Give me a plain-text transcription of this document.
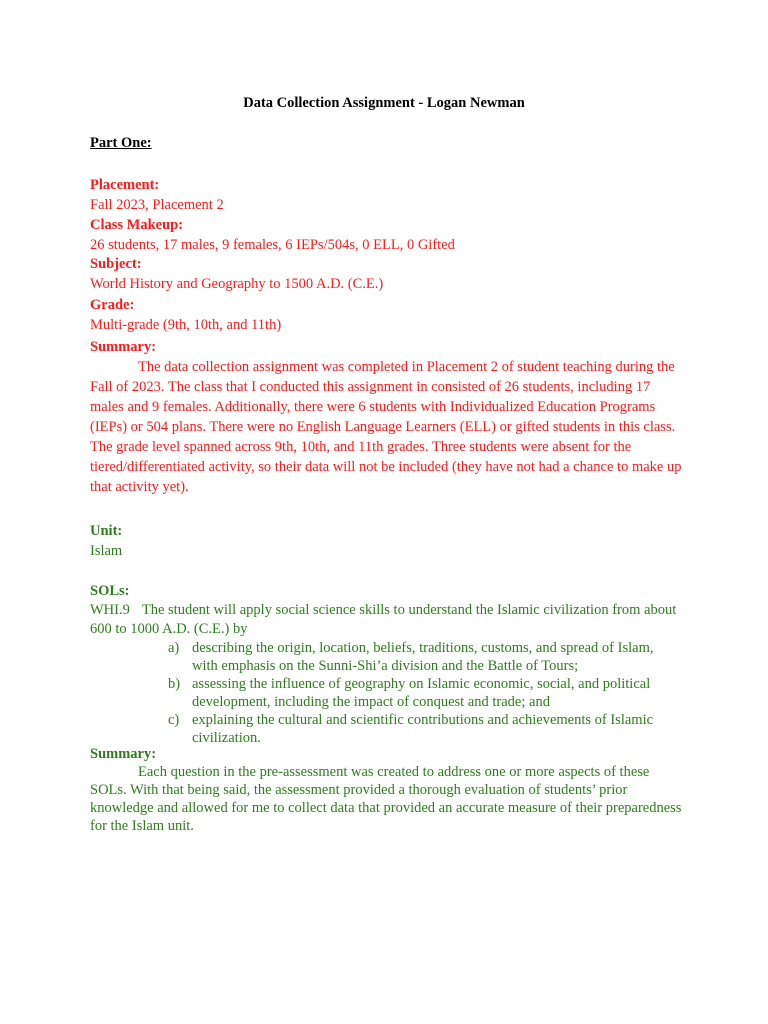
Data Collection Assignment - Logan Newman
Part One:
Placement:
Fall 2023, Placement 2
Class Makeup:
26 students, 17 males, 9 females, 6 IEPs/504s, 0 ELL, 0 Gifted
Subject:
World History and Geography to 1500 A.D. (C.E.)
Grade:
Multi-grade (9th, 10th, and 11th)
Summary:

The data collection assignment was completed in Placement 2 of student teaching during the Fall of 2023. The class that I conducted this assignment in consisted of 26 students, including 17 males and 9 females. Additionally, there were 6 students with Individualized Education Programs (IEPs) or 504 plans. There were no English Language Learners (ELL) or gifted students in this class. The grade level spanned across 9th, 10th, and 11th grades. Three students were absent for the tiered/differentiated activity, so their data will not be included (they have not had a chance to make up that activity yet).

Unit:
Islam
SOLs:
WHI.9 The student will apply social science skills to understand the Islamic civilization from about 600 to 1000 A.D. (C.E.) by
a) describing the origin, location, beliefs, traditions, customs, and spread of Islam, with emphasis on the Sunni-Shi’a division and the Battle of Tours;
b) assessing the influence of geography on Islamic economic, social, and political development, including the impact of conquest and trade; and
c) explaining the cultural and scientific contributions and achievements of Islamic civilization.
Summary:

Each question in the pre-assessment was created to address one or more aspects of these SOLs. With that being said, the assessment provided a thorough evaluation of students’ prior knowledge and allowed for me to collect data that provided an accurate measure of their preparedness for the Islam unit.
